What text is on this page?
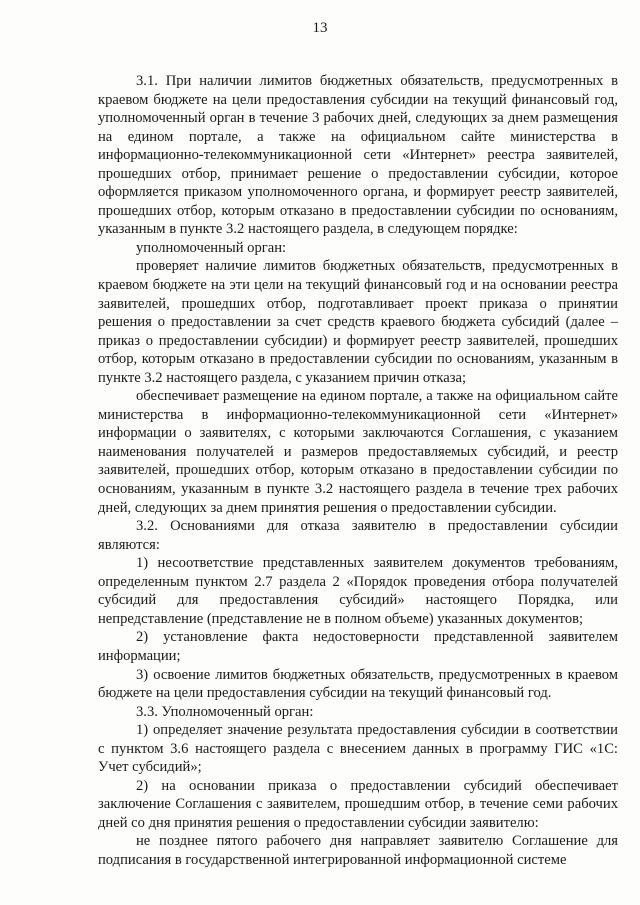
13

3.1. При наличии лимитов бюджетных обязательств, предусмотренных в краевом бюджете на цели предоставления субсидии на текущий финансовый год, уполномоченный орган в течение 3 рабочих дней, следующих за днем размещения на едином портале, а также на официальном сайте министерства в информационно-телекоммуникационной сети «Интернет» реестра заявителей, прошедших отбор, принимает решение о предоставлении субсидии, которое оформляется приказом уполномоченного органа, и формирует реестр заявителей, прошедших отбор, которым отказано в предоставлении субсидии по основаниям, указанным в пункте 3.2 настоящего раздела, в следующем порядке:

уполномоченный орган:

проверяет наличие лимитов бюджетных обязательств, предусмотренных в краевом бюджете на эти цели на текущий финансовый год и на основании реестра заявителей, прошедших отбор, подготавливает проект приказа о принятии решения о предоставлении за счет средств краевого бюджета субсидий (далее – приказ о предоставлении субсидии) и формирует реестр заявителей, прошедших отбор, которым отказано в предоставлении субсидии по основаниям, указанным в пункте 3.2 настоящего раздела, с указанием причин отказа;

обеспечивает размещение на едином портале, а также на официальном сайте министерства в информационно-телекоммуникационной сети «Интернет» информации о заявителях, с которыми заключаются Соглашения, с указанием наименования получателей и размеров предоставляемых субсидий, и реестр заявителей, прошедших отбор, которым отказано в предоставлении субсидии по основаниям, указанным в пункте 3.2 настоящего раздела в течение трех рабочих дней, следующих за днем принятия решения о предоставлении субсидии.

3.2. Основаниями для отказа заявителю в предоставлении субсидии являются:

1) несоответствие представленных заявителем документов требованиям, определенным пунктом 2.7 раздела 2 «Порядок проведения отбора получателей субсидий для предоставления субсидий» настоящего Порядка, или непредставление (представление не в полном объеме) указанных документов;

2) установление факта недостоверности представленной заявителем информации;

3) освоение лимитов бюджетных обязательств, предусмотренных в краевом бюджете на цели предоставления субсидии на текущий финансовый год.

3.3. Уполномоченный орган:

1) определяет значение результата предоставления субсидии в соответствии с пунктом 3.6 настоящего раздела с внесением данных в программу ГИС «1С: Учет субсидий»;

2) на основании приказа о предоставлении субсидий обеспечивает заключение Соглашения с заявителем, прошедшим отбор, в течение семи рабочих дней со дня принятия решения о предоставлении субсидии заявителю:

не позднее пятого рабочего дня направляет заявителю Соглашение для подписания в государственной интегрированной информационной системе
